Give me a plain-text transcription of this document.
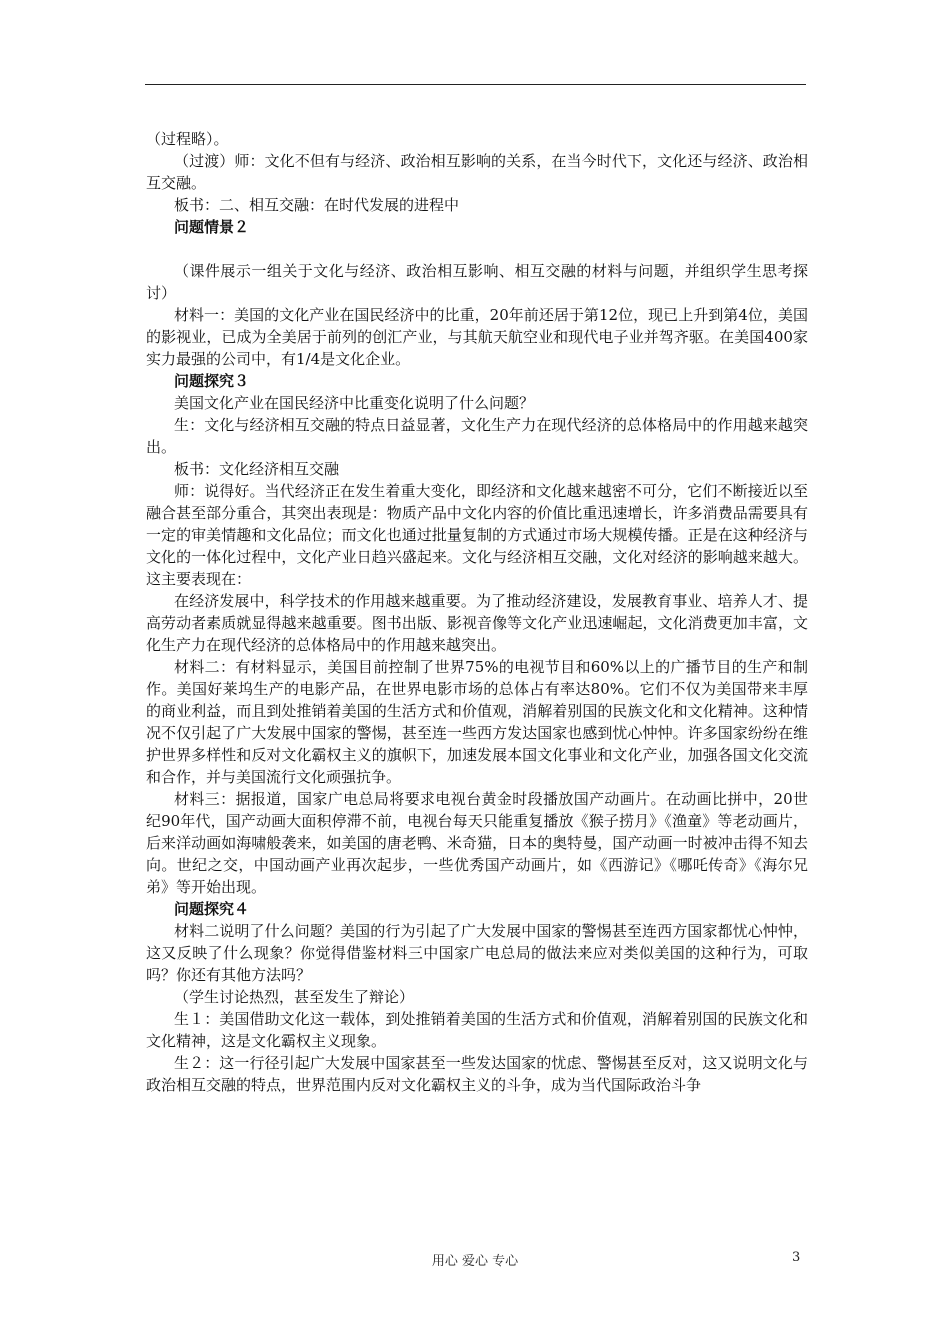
（过程略）。

（过渡）师：文化不但有与经济、政治相互影响的关系，在当今时代下，文化还与经济、政治相互交融。

板书：二、相互交融：在时代发展的进程中

问题情景２

（课件展示一组关于文化与经济、政治相互影响、相互交融的材料与问题，并组织学生思考探讨）

材料一：美国的文化产业在国民经济中的比重，20年前还居于第12位，现已上升到第4位，美国的影视业，已成为全美居于前列的创汇产业，与其航天航空业和现代电子业并驾齐驱。在美国400家实力最强的公司中，有1/4是文化企业。

问题探究３

美国文化产业在国民经济中比重变化说明了什么问题？

生：文化与经济相互交融的特点日益显著，文化生产力在现代经济的总体格局中的作用越来越突出。

板书：文化经济相互交融

师：说得好。当代经济正在发生着重大变化，即经济和文化越来越密不可分，它们不断接近以至融合甚至部分重合，其突出表现是：物质产品中文化内容的价值比重迅速增长，许多消费品需要具有一定的审美情趣和文化品位；而文化也通过批量复制的方式通过市场大规模传播。正是在这种经济与文化的一体化过程中，文化产业日趋兴盛起来。文化与经济相互交融，文化对经济的影响越来越大。这主要表现在：

在经济发展中，科学技术的作用越来越重要。为了推动经济建设，发展教育事业、培养人才、提高劳动者素质就显得越来越重要。图书出版、影视音像等文化产业迅速崛起，文化消费更加丰富，文化生产力在现代经济的总体格局中的作用越来越突出。

材料二：有材料显示，美国目前控制了世界75%的电视节目和60%以上的广播节目的生产和制作。美国好莱坞生产的电影产品，在世界电影市场的总体占有率达80%。它们不仅为美国带来丰厚的商业利益，而且到处推销着美国的生活方式和价值观，消解着别国的民族文化和文化精神。这种情况不仅引起了广大发展中国家的警惕，甚至连一些西方发达国家也感到忧心忡忡。许多国家纷纷在维护世界多样性和反对文化霸权主义的旗帜下，加速发展本国文化事业和文化产业，加强各国文化交流和合作，并与美国流行文化顽强抗争。

材料三：据报道，国家广电总局将要求电视台黄金时段播放国产动画片。在动画比拼中，20世纪90年代，国产动画大面积停滞不前，电视台每天只能重复播放《猴子捞月》《渔童》等老动画片，后来洋动画如海啸般袭来，如美国的唐老鸭、米奇猫，日本的奥特曼，国产动画一时被冲击得不知去向。世纪之交，中国动画产业再次起步，一些优秀国产动画片，如《西游记》《哪吒传奇》《海尔兄弟》等开始出现。

问题探究４

材料二说明了什么问题？美国的行为引起了广大发展中国家的警惕甚至连西方国家都忧心忡忡，这又反映了什么现象？你觉得借鉴材料三中国家广电总局的做法来应对类似美国的这种行为，可取吗？你还有其他方法吗？

（学生讨论热烈，甚至发生了辩论）

生１：美国借助文化这一载体，到处推销着美国的生活方式和价值观，消解着别国的民族文化和文化精神，这是文化霸权主义现象。

生２：这一行径引起广大发展中国家甚至一些发达国家的忧虑、警惕甚至反对，这又说明文化与政治相互交融的特点，世界范围内反对文化霸权主义的斗争，成为当代国际政治斗争

用心 爱心 专心	3
